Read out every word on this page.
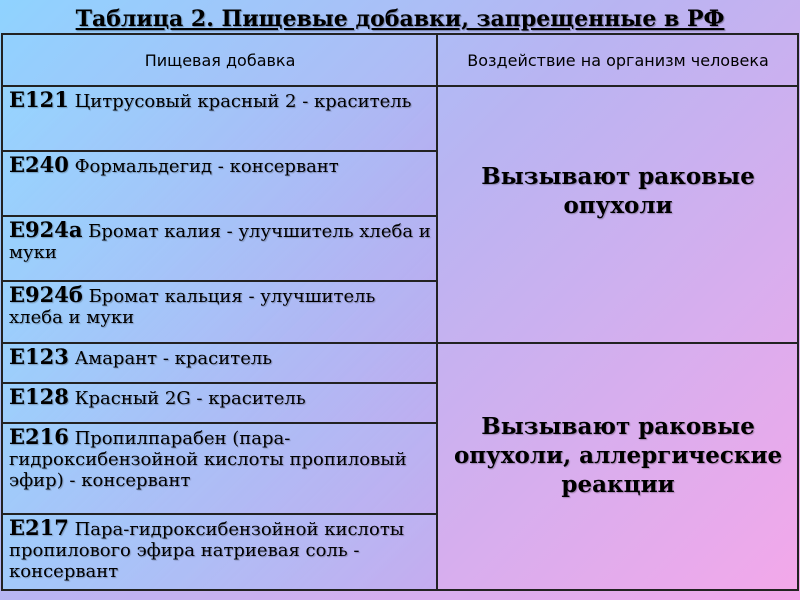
Таблица 2. Пищевые добавки, запрещенные в РФ
Пищевая добавка	Воздействие на организм человека
Е121 Цитрусовый красный 2 - краситель	Вызывают раковые опухоли
Е240 Формальдегид - консервант	
Е924а Бромат калия - улучшитель хлеба и муки	
Е924б Бромат кальция - улучшитель хлеба и муки	
Е123 Амарант - краситель	Вызывают раковые опухоли, аллергические реакции
Е128 Красный 2G - краситель	
Е216 Пропилпарабен (пара-гидроксибензойной кислоты пропиловый эфир) - консервант	
Е217 Пара-гидроксибензойной кислоты пропилового эфира натриевая соль - консервант	
